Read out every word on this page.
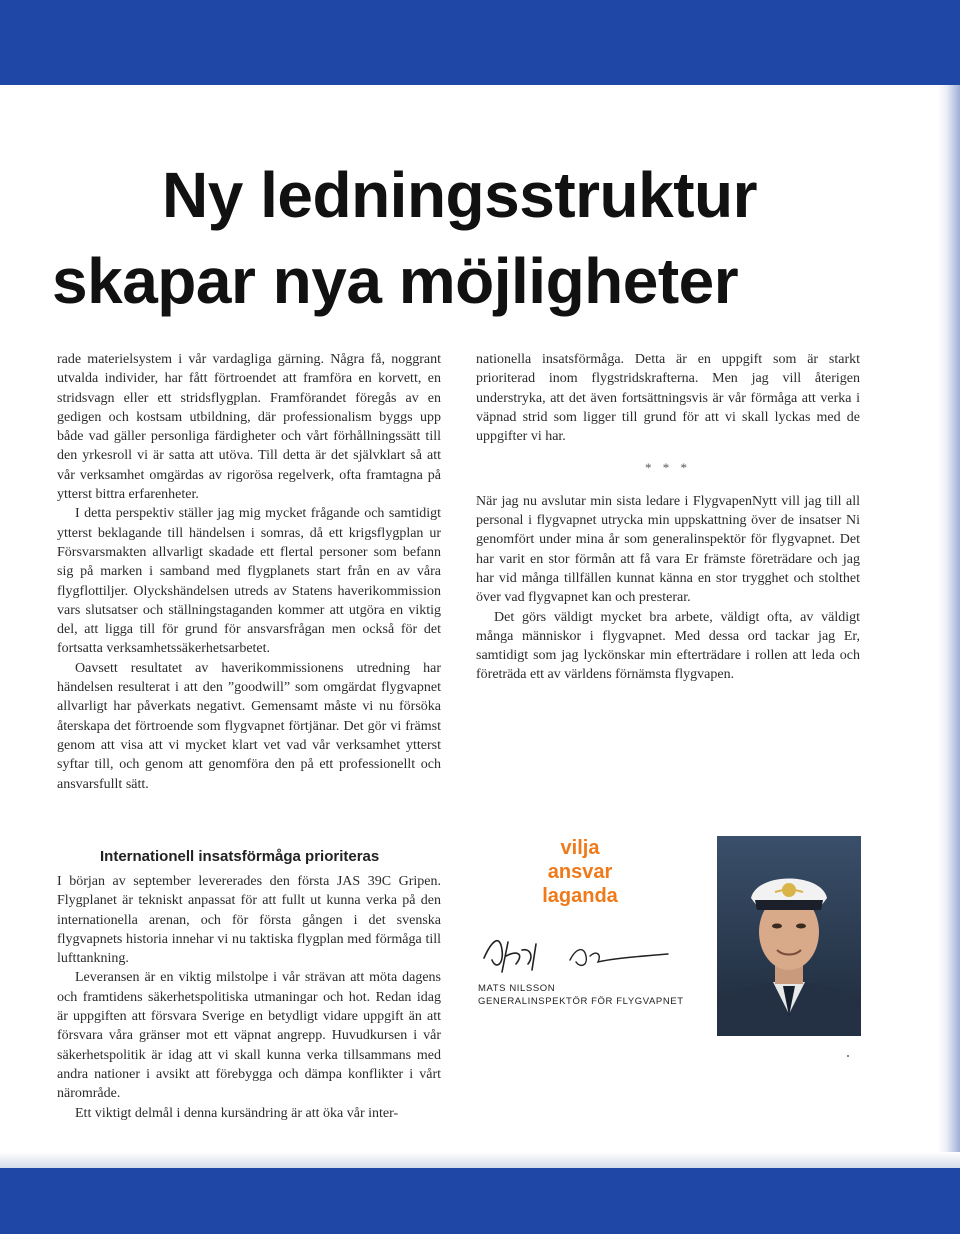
Ny ledningsstruktur
skapar nya möjligheter

rade materielsystem i vår vardagliga gärning. Några få, noggrant utvalda individer, har fått förtroendet att framföra en korvett, en stridsvagn eller ett stridsflygplan. Framförandet föregås av en gedigen och kostsam utbildning, där professionalism byggs upp både vad gäller personliga färdigheter och vårt förhållningssätt till den yrkesroll vi är satta att utöva. Till detta är det självklart så att vår verksamhet omgärdas av rigorösa regelverk, ofta framtagna på ytterst bittra erfarenheter.

I detta perspektiv ställer jag mig mycket frågande och samtidigt ytterst beklagande till händelsen i somras, då ett krigsflygplan ur Försvarsmakten allvarligt skadade ett flertal personer som befann sig på marken i samband med flygplanets start från en av våra flygflottiljer. Olyckshändelsen utreds av Statens haverikommission vars slutsatser och ställningstaganden kommer att utgöra en viktig del, att ligga till för grund för ansvarsfrågan men också för det fortsatta verksamhetssäkerhetsarbetet.

Oavsett resultatet av haverikommissionens utredning har händelsen resulterat i att den ”goodwill” som omgärdat flygvapnet allvarligt har påverkats negativt. Gemensamt måste vi nu försöka återskapa det förtroende som flygvapnet förtjänar. Det gör vi främst genom att visa att vi mycket klart vet vad vår verksamhet ytterst syftar till, och genom att genomföra den på ett professionellt och ansvarsfullt sätt.

Internationell insatsförmåga prioriteras

I början av september levererades den första JAS 39C Gripen. Flygplanet är tekniskt anpassat för att fullt ut kunna verka på den internationella arenan, och för första gången i det svenska flygvapnets historia innehar vi nu taktiska flygplan med förmåga till lufttankning.

Leveransen är en viktig milstolpe i vår strävan att möta dagens och framtidens säkerhetspolitiska utmaningar och hot. Redan idag är uppgiften att försvara Sverige en betydligt vidare uppgift än att försvara våra gränser mot ett väpnat angrepp. Huvudkursen i vår säkerhetspolitik är idag att vi skall kunna verka tillsammans med andra nationer i avsikt att förebygga och dämpa konflikter i vårt närområde.

Ett viktigt delmål i denna kursändring är att öka vår inter-

nationella insatsförmåga. Detta är en uppgift som är starkt prioriterad inom flygstridskrafterna. Men jag vill återigen understryka, att det även fortsättningsvis är vår förmåga att verka i väpnad strid som ligger till grund för att vi skall lyckas med de uppgifter vi har.

* * *

När jag nu avslutar min sista ledare i FlygvapenNytt vill jag till all personal i flygvapnet utrycka min uppskattning över de insatser Ni genomfört under mina år som generalinspektör för flygvapnet. Det har varit en stor förmån att få vara Er främste företrädare och jag har vid många tillfällen kunnat känna en stor trygghet och stolthet över vad flygvapnet kan och presterar.

Det görs väldigt mycket bra arbete, väldigt ofta, av väldigt många människor i flygvapnet. Med dessa ord tackar jag Er, samtidigt som jag lyckönskar min efterträdare i rollen att leda och företräda ett av världens förnämsta flygvapen.

vilja
ansvar
laganda

MATS NILSSON
GENERALINSPEKTÖR FÖR FLYGVAPNET
